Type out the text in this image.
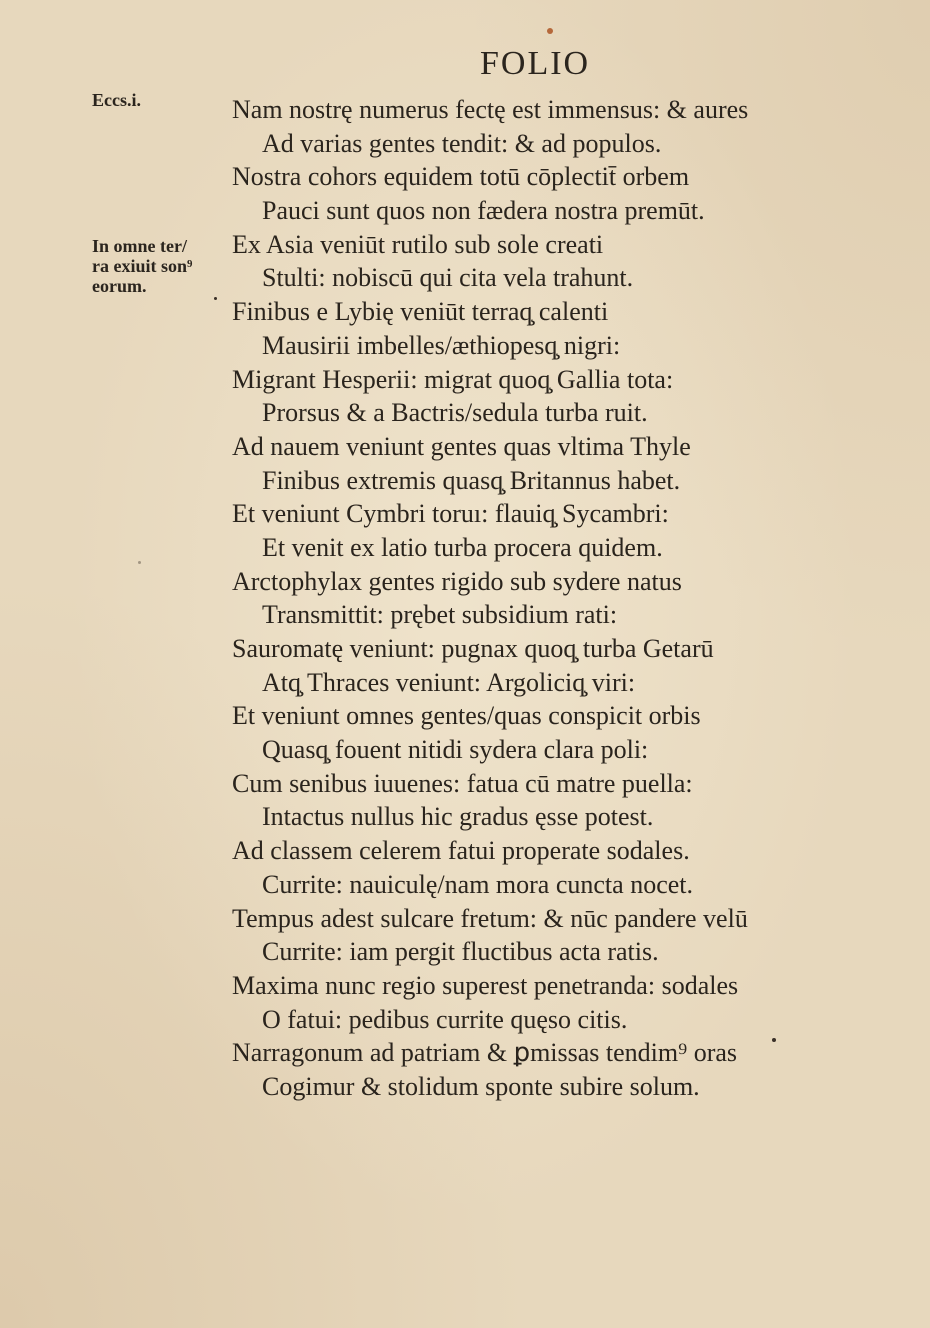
FOLIO
Eccs.i.
In omne ter/
ra exiuit son⁹
eorum.
Nam nostrę numerus fectę est immensus: & aures
Ad varias gentes tendit: & ad populos.
Nostra cohors equidem totū cōplectit̄ orbem
Pauci sunt quos non fædera nostra premūt.
Ex Asia veniūt rutilo sub sole creati
Stulti: nobiscū qui cita vela trahunt.
Finibus e Lybię veniūt terraq̧ calenti
Mausirii imbelles/æthiopesq̧ nigri:
Migrant Hesperii: migrat quoq̧ Gallia tota:
Prorsus & a Bactris/sedula turba ruit.
Ad nauem veniunt gentes quas vltima Thyle
Finibus extremis quasq̧ Britannus habet.
Et veniunt Cymbri toruı: flauiq̧ Sycambri:
Et venit ex latio turba procera quidem.
Arctophylax gentes rigido sub sydere natus
Transmittit: prębet subsidium rati:
Sauromatę veniunt: pugnax quoq̧ turba Getarū
Atq̧ Thraces veniunt: Argoliciq̧ viri:
Et veniunt omnes gentes/quas conspicit orbis
Quasq̧ fouent nitidi sydera clara poli:
Cum senibus iuuenes: fatua cū matre puella:
Intactus nullus hic gradus ęsse potest.
Ad classem celerem fatui properate sodales.
Currite: nauiculę/nam mora cuncta nocet.
Tempus adest sulcare fretum: & nūc pandere velū
Currite: iam pergit fluctibus acta ratis.
Maxima nunc regio superest penetranda: sodales
O fatui: pedibus currite quęso citis.
Narragonum ad patriam & ꝑmissas tendim⁹ oras
Cogimur & stolidum sponte subire solum.
